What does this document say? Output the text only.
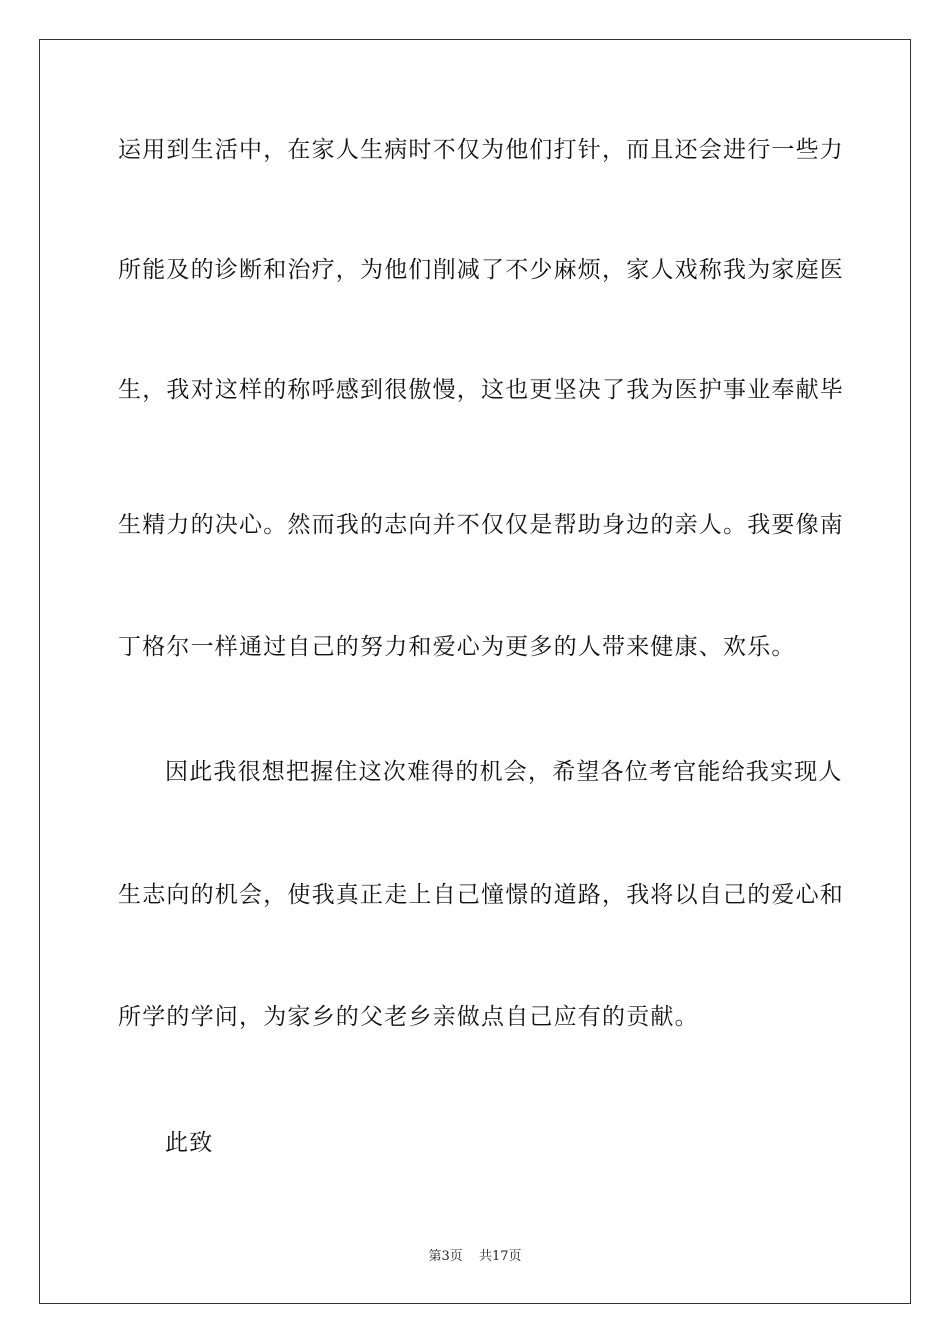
运用到生活中，在家人生病时不仅为他们打针，而且还会进行一些力
所能及的诊断和治疗，为他们削减了不少麻烦，家人戏称我为家庭医
生，我对这样的称呼感到很傲慢，这也更坚决了我为医护事业奉献毕
生精力的决心。然而我的志向并不仅仅是帮助身边的亲人。我要像南
丁格尔一样通过自己的努力和爱心为更多的人带来健康、欢乐。
因此我很想把握住这次难得的机会，希望各位考官能给我实现人
生志向的机会，使我真正走上自己憧憬的道路，我将以自己的爱心和
所学的学问，为家乡的父老乡亲做点自己应有的贡献。
此致
第3页 共17页
